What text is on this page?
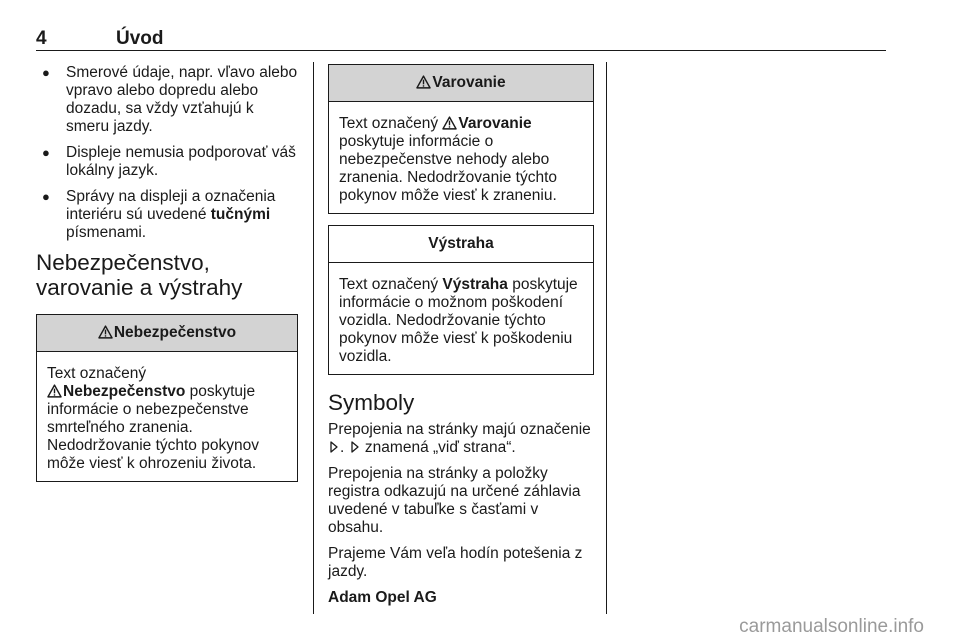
4	Úvod
● Smerové údaje, napr. vľavo alebo vpravo alebo dopredu alebo dozadu, sa vždy vzťahujú k smeru jazdy.
● Displeje nemusia podporovať váš lokálny jazyk.
● Správy na displeji a označenia interiéru sú uvedené tučnými písmenami.
Nebezpečenstvo, varovanie a výstrahy
Nebezpečenstvo
Text označený
Nebezpečenstvo poskytuje informácie o nebezpečenstve smrteľného zranenia. Nedodržovanie týchto pokynov môže viesť k ohrozeniu života.
Varovanie
Text označený Varovanie poskytuje informácie o nebezpečenstve nehody alebo zranenia. Nedodržovanie týchto pokynov môže viesť k zraneniu.
Výstraha
Text označený Výstraha poskytuje informácie o možnom poškodení vozidla. Nedodržovanie týchto pokynov môže viesť k poškodeniu vozidla.
Symboly

Prepojenia na stránky majú označenie .  znamená „viď strana“.

Prepojenia na stránky a položky registra odkazujú na určené záhlavia uvedené v tabuľke s časťami v obsahu.

Prajeme Vám veľa hodín potešenia z jazdy.

Adam Opel AG

carmanualsonline.info
